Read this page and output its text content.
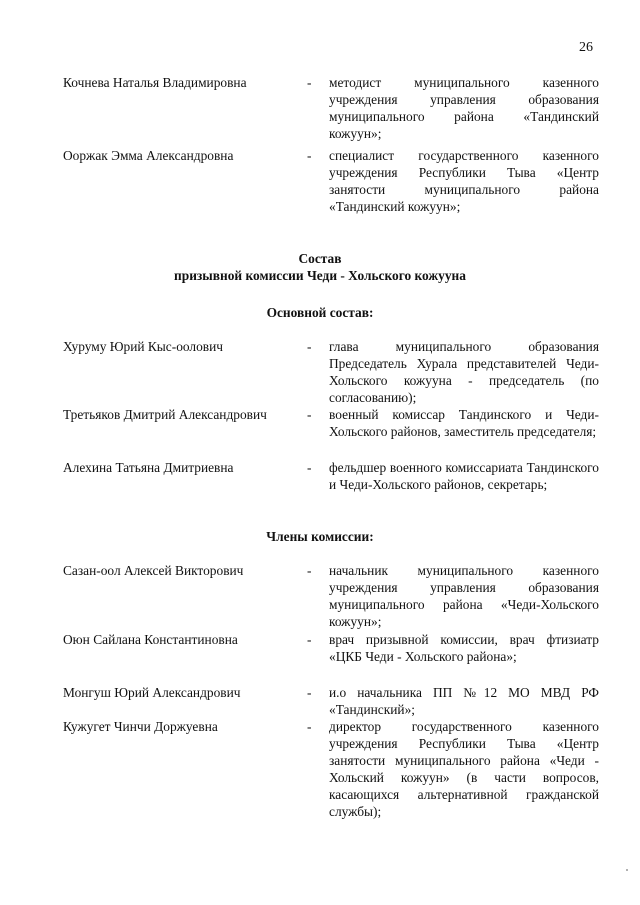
26
Кочнева Наталья Владимировна	- методист муниципального казенного учреждения управления образования муниципального района «Тандинский кожуун»;
Ооржак Эмма Александровна	- специалист государственного казенного учреждения Республики Тыва «Центр занятости муниципального района «Тандинский кожуун»;
Состав
призывной комиссии Чеди - Хольского кожууна
Основной состав:
Хуруму Юрий Кыс-оолович	- глава муниципального образования Председатель Хурала представителей Чеди-Хольского кожууна - председатель (по согласованию);
Третьяков Дмитрий Александрович	- военный комиссар Тандинского и Чеди-Хольского районов, заместитель председателя;
Алехина Татьяна Дмитриевна	- фельдшер военного комиссариата Тандинского и Чеди-Хольского районов, секретарь;
Члены комиссии:
Сазан-оол Алексей Викторович	- начальник муниципального казенного учреждения управления образования муниципального района «Чеди-Хольского кожуун»;
Оюн Сайлана Константиновна	- врач призывной комиссии, врач фтизиатр «ЦКБ Чеди - Хольского района»;
Монгуш Юрий Александрович	- и.о начальника ПП №12 МО МВД РФ «Тандинский»;
Кужугет Чинчи Доржуевна	- директор государственного казенного учреждения Республики Тыва «Центр занятости муниципального района «Чеди - Хольский кожуун» (в части вопросов, касающихся альтернативной гражданской службы);
